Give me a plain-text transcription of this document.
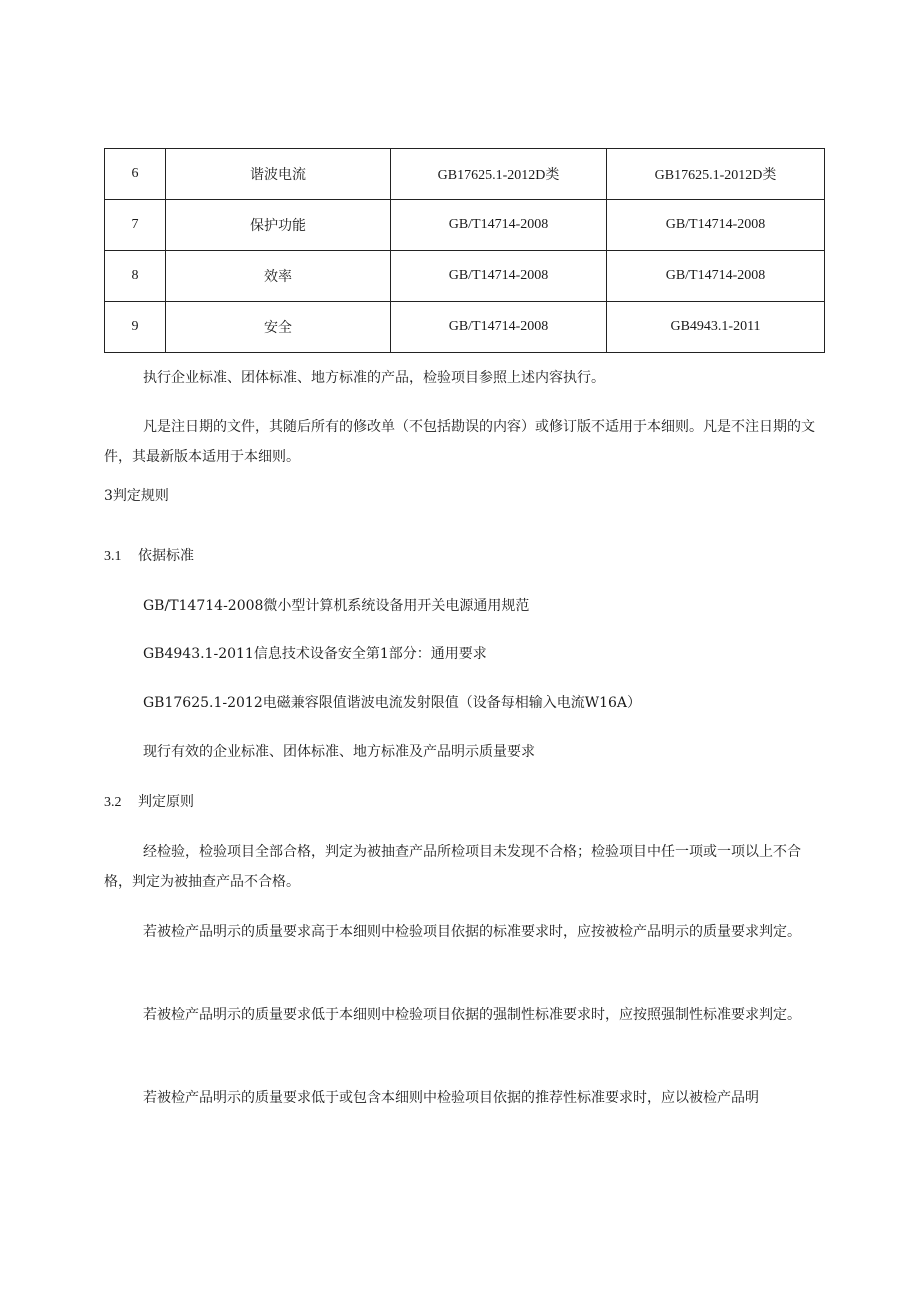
6	谐波电流	GB17625.1-2012D类	GB17625.1-2012D类
7	保护功能	GB/T14714-2008	GB/T14714-2008
8	效率	GB/T14714-2008	GB/T14714-2008
9	安全	GB/T14714-2008	GB4943.1-2011
执行企业标准、团体标准、地方标准的产品，检验项目参照上述内容执行。
凡是注日期的文件，其随后所有的修改单（不包括勘误的内容）或修订版不适用于本细则。凡是不注日期的文件，其最新版本适用于本细则。
3判定规则
3.1 依据标准
GB/T14714-2008微小型计算机系统设备用开关电源通用规范
GB4943.1-2011信息技术设备安全第1部分：通用要求
GB17625.1-2012电磁兼容限值谐波电流发射限值（设备每相输入电流W16A）
现行有效的企业标准、团体标准、地方标准及产品明示质量要求
3.2 判定原则
经检验，检验项目全部合格，判定为被抽查产品所检项目未发现不合格；检验项目中任一项或一项以上不合格，判定为被抽查产品不合格。
若被检产品明示的质量要求高于本细则中检验项目依据的标准要求时，应按被检产品明示的质量要求判定。
若被检产品明示的质量要求低于本细则中检验项目依据的强制性标准要求时，应按照强制性标准要求判定。
若被检产品明示的质量要求低于或包含本细则中检验项目依据的推荐性标准要求时，应以被检产品明
